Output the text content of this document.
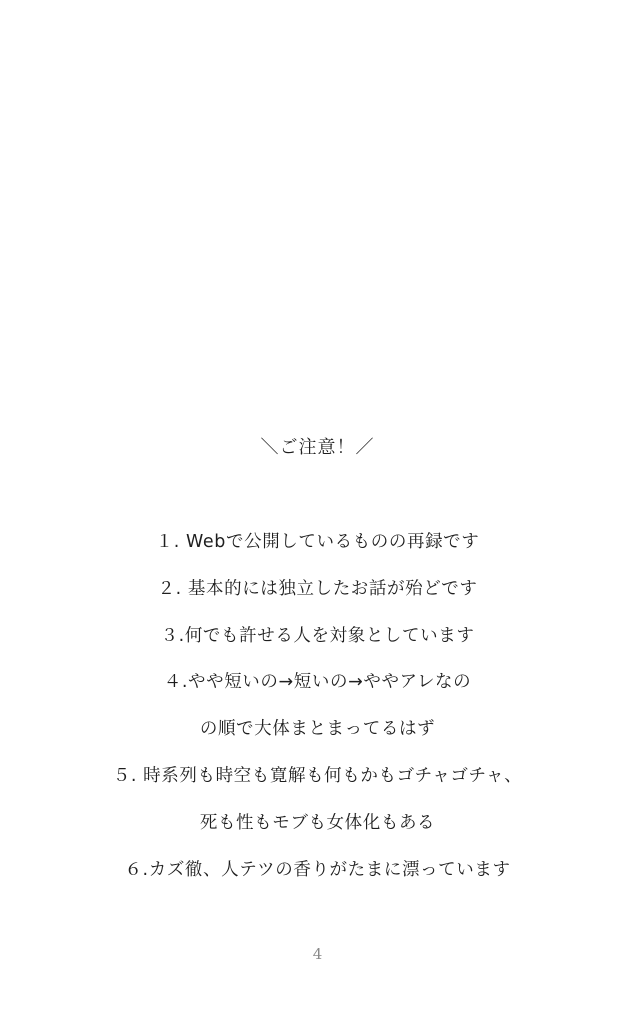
＼ご注意！／
１. Webで公開しているものの再録です
２. 基本的には独立したお話が殆どです
３.何でも許せる人を対象としています
４.やや短いの→短いの→ややアレなの
の順で大体まとまってるはず
５. 時系列も時空も寛解も何もかもゴチャゴチャ、
死も性もモブも女体化もある
６.カズ徹、人テツの香りがたまに漂っています
4
